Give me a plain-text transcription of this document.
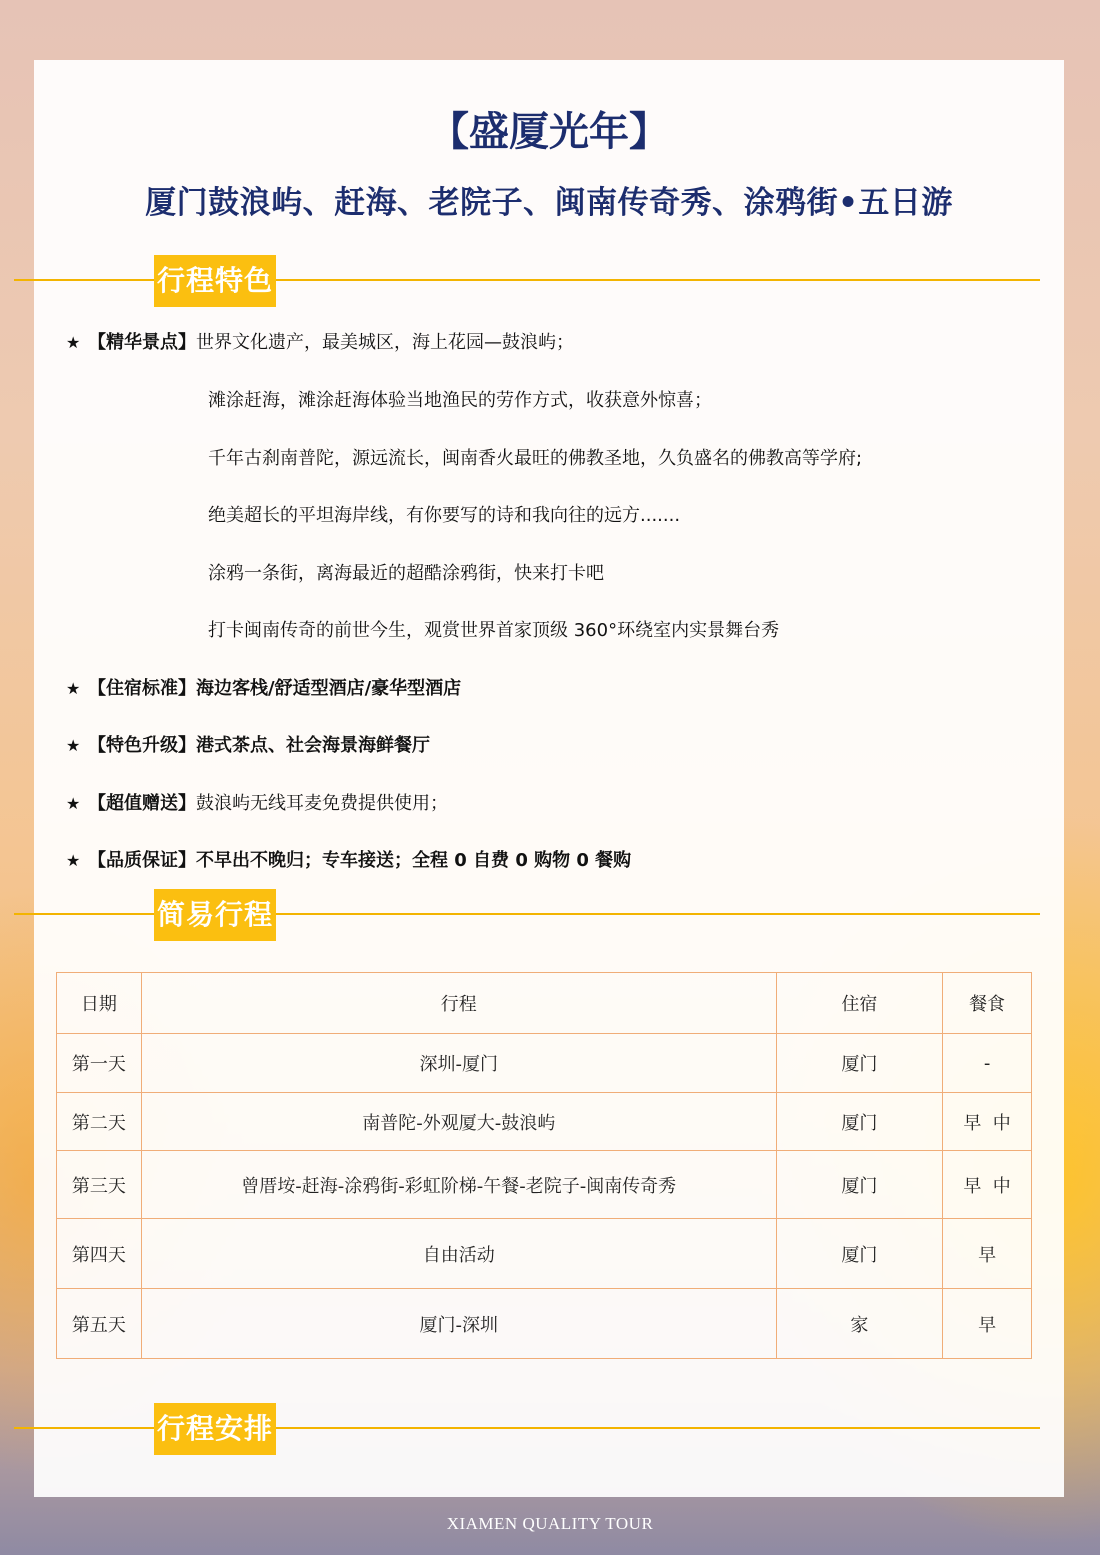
【盛厦光年】
厦门鼓浪屿、赶海、老院子、闽南传奇秀、涂鸦街•五日游
行程特色
★ 【精华景点】世界文化遗产，最美城区，海上花园—鼓浪屿；
滩涂赶海，滩涂赶海体验当地渔民的劳作方式，收获意外惊喜；
千年古刹南普陀，源远流长，闽南香火最旺的佛教圣地，久负盛名的佛教高等学府;
绝美超长的平坦海岸线，有你要写的诗和我向往的远方.......
涂鸦一条街，离海最近的超酷涂鸦街，快来打卡吧
打卡闽南传奇的前世今生，观赏世界首家顶级 360°环绕室内实景舞台秀
★ 【住宿标准】海边客栈/舒适型酒店/豪华型酒店
★ 【特色升级】港式茶点、社会海景海鲜餐厅
★ 【超值赠送】鼓浪屿无线耳麦免费提供使用；
★ 【品质保证】不早出不晚归；专车接送；全程 0 自费 0 购物 0 餐购
简易行程
日期	行程	住宿	餐食
第一天	深圳-厦门	厦门	-
第二天	南普陀-外观厦大-鼓浪屿	厦门	早  中
第三天	曾厝垵-赶海-涂鸦街-彩虹阶梯-午餐-老院子-闽南传奇秀	厦门	早  中
第四天	自由活动	厦门	早
第五天	厦门-深圳	家	早
行程安排
XIAMEN QUALITY TOUR
